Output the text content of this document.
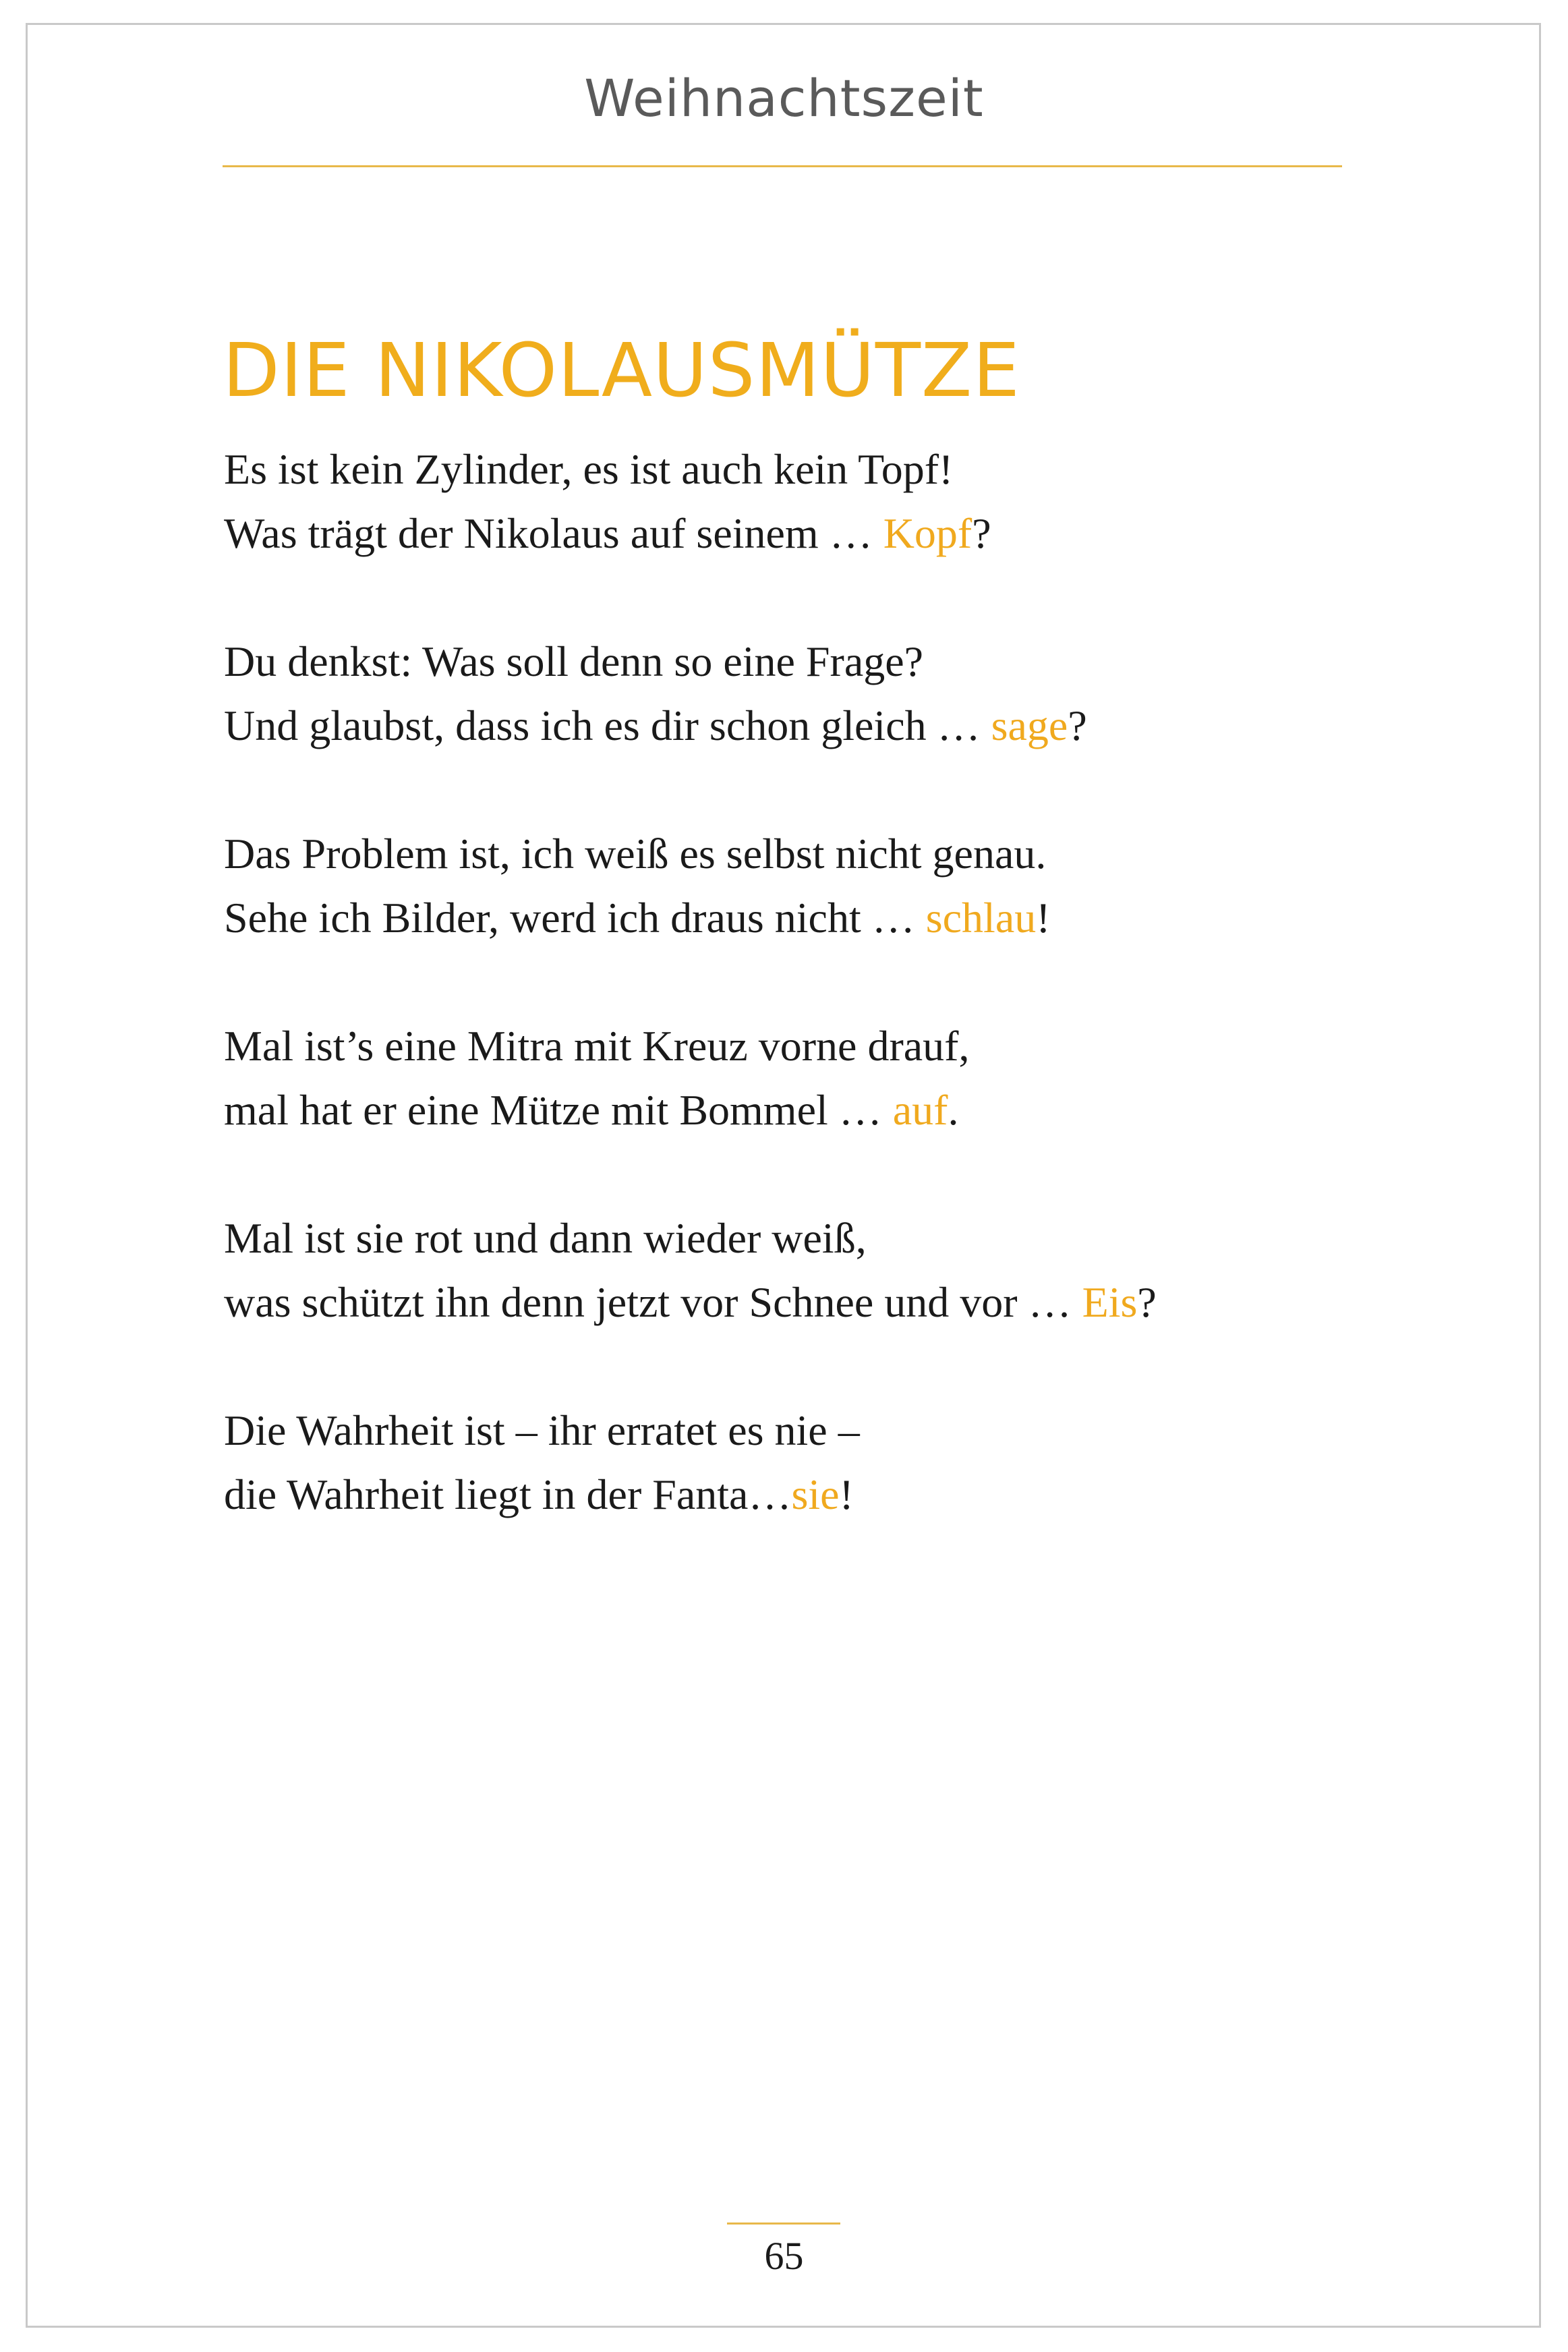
Weihnachtszeit
DIE NIKOLAUSMÜTZE
Es ist kein Zylinder, es ist auch kein Topf!
Was trägt der Nikolaus auf seinem … Kopf?
Du denkst: Was soll denn so eine Frage?
Und glaubst, dass ich es dir schon gleich … sage?
Das Problem ist, ich weiß es selbst nicht genau.
Sehe ich Bilder, werd ich draus nicht … schlau!
Mal ist’s eine Mitra mit Kreuz vorne drauf,
mal hat er eine Mütze mit Bommel … auf.
Mal ist sie rot und dann wieder weiß,
was schützt ihn denn jetzt vor Schnee und vor … Eis?
Die Wahrheit ist – ihr erratet es nie –
die Wahrheit liegt in der Fanta…sie!
65
